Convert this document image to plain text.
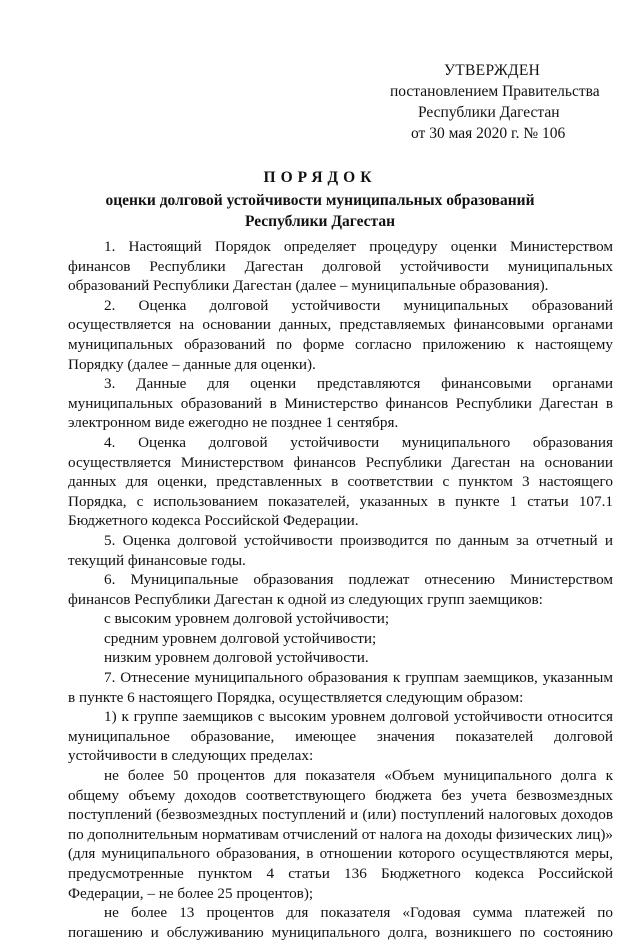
УТВЕРЖДЕН
постановлением Правительства
Республики Дагестан
от 30 мая 2020 г. № 106
ПОРЯДОК
оценки долговой устойчивости муниципальных образований
Республики Дагестан

1. Настоящий Порядок определяет процедуру оценки Министерством финансов Республики Дагестан долговой устойчивости муниципальных образований Республики Дагестан (далее – муниципальные образования).

2. Оценка долговой устойчивости муниципальных образований осуществляется на основании данных, представляемых финансовыми органами муниципальных образований по форме согласно приложению к настоящему Порядку (далее – данные для оценки).

3. Данные для оценки представляются финансовыми органами муниципальных образований в Министерство финансов Республики Дагестан в электронном виде ежегодно не позднее 1 сентября.

4. Оценка долговой устойчивости муниципального образования осуществляется Министерством финансов Республики Дагестан на основании данных для оценки, представленных в соответствии с пунктом 3 настоящего Порядка, с использованием показателей, указанных в пункте 1 статьи 107.1 Бюджетного кодекса Российской Федерации.

5. Оценка долговой устойчивости производится по данным за отчетный и текущий финансовые годы.

6. Муниципальные образования подлежат отнесению Министерством финансов Республики Дагестан к одной из следующих групп заемщиков:

с высоким уровнем долговой устойчивости;

средним уровнем долговой устойчивости;

низким уровнем долговой устойчивости.

7. Отнесение муниципального образования к группам заемщиков, указанным в пункте 6 настоящего Порядка, осуществляется следующим образом:

1) к группе заемщиков с высоким уровнем долговой устойчивости относится муниципальное образование, имеющее значения показателей долговой устойчивости в следующих пределах:

не более 50 процентов для показателя «Объем муниципального долга к общему объему доходов соответствующего бюджета без учета безвозмездных поступлений (безвозмездных поступлений и (или) поступлений налоговых доходов по дополнительным нормативам отчислений от налога на доходы физических лиц)» (для муниципального образования, в отношении которого осуществляются меры, предусмотренные пунктом 4 статьи 136 Бюджетного кодекса Российской Федерации, – не более 25 процентов);

не более 13 процентов для показателя «Годовая сумма платежей по погашению и обслуживанию муниципального долга, возникшего по состоянию
